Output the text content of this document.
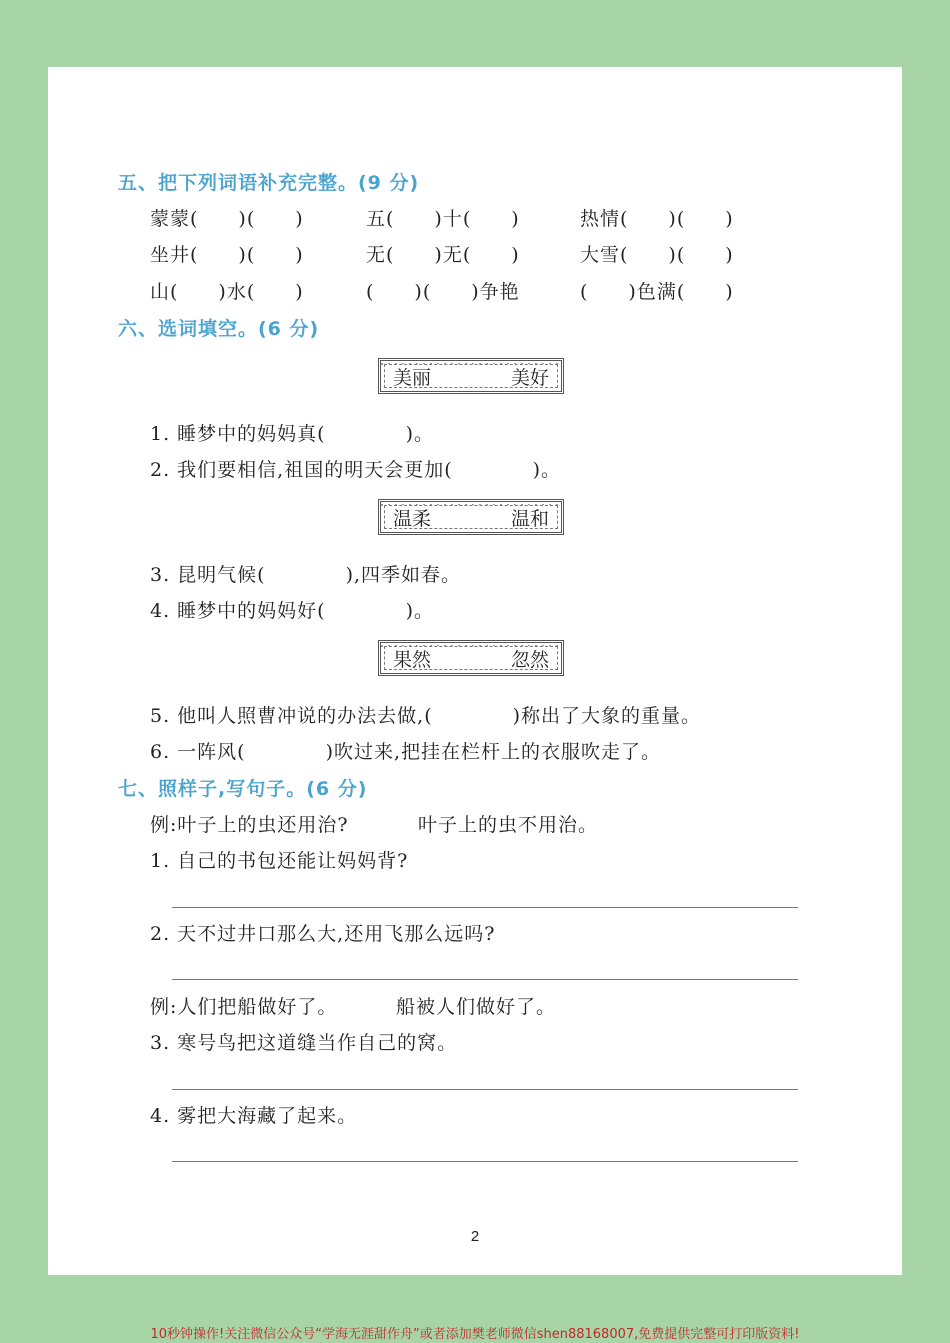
五、把下列词语补充完整。(9 分)
蒙蒙(　　)(　　)	五(　　)十(　　)	热情(　　)(　　)
坐井(　　)(　　)	无(　　)无(　　)	大雪(　　)(　　)
山(　　)水(　　)	(　　)(　　)争艳	(　　)色满(　　)
六、选词填空。(6 分)
美丽	美好
1. 睡梦中的妈妈真(　　　　)。
2. 我们要相信,祖国的明天会更加(　　　　)。
温柔	温和
3. 昆明气候(　　　　),四季如春。
4. 睡梦中的妈妈好(　　　　)。
果然	忽然
5. 他叫人照曹冲说的办法去做,(　　　　)称出了大象的重量。
6. 一阵风(　　　　)吹过来,把挂在栏杆上的衣服吹走了。
七、照样子,写句子。(6 分)
例:叶子上的虫还用治?	叶子上的虫不用治。
1. 自己的书包还能让妈妈背?
2. 天不过井口那么大,还用飞那么远吗?
例:人们把船做好了。	船被人们做好了。
3. 寒号鸟把这道缝当作自己的窝。
4. 雾把大海藏了起来。
2
10秒钟操作!关注微信公众号“学海无涯甜作舟”或者添加樊老师微信shen88168007,免费提供完整可打印版资料!
